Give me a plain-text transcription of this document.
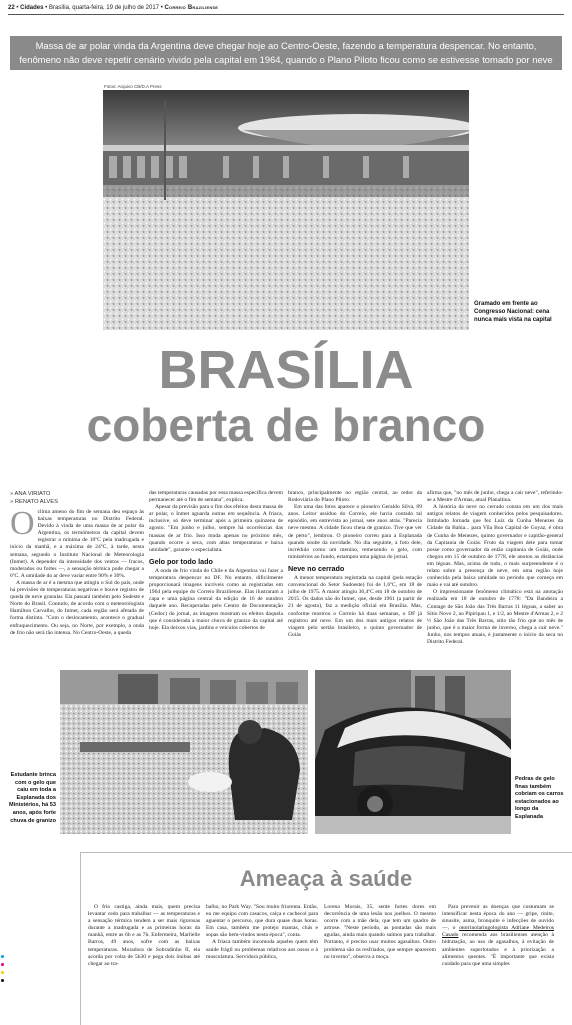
22 • Cidades • Brasília, quarta-feira, 19 de julho de 2017 • Correio Braziliense
Massa de ar polar vinda da Argentina deve chegar hoje ao Centro-Oeste, fazendo a temperatura despencar. No entanto,
fenômeno não deve repetir cenário vivido pela capital em 1964, quando o Plano Piloto ficou como se estivesse tomado por neve
Fotos: Arquivo CB/D.A Press
Gramado em frente ao Congresso Nacional: cena nunca mais vista na capital
BRASÍLIA
coberta de branco
» ANA VIRIATO
» RENATO ALVES
O clima ameno do fim de semana deu espaço às baixas temperaturas no Distrito Federal. Devido à vinda de uma massa de ar polar da Argentina, os termômetros da capital devem registrar a mínima de 10ºC pela madrugada e início da manhã, e a máxima de 24ºC, à tarde, nesta semana, segundo o Instituto Nacional de Meteorologia (Inmet). A depender da intensidade dos ventos — fracos, moderados ou fortes —, a sensação térmica pode chegar a 6ºC. A umidade do ar deve variar entre 90% e 30%.
A massa de ar é a mesma que atingiu o Sul do país, onde há previsões de temperaturas negativas e houve registro de queda de neve granular. Ela passará também pelo Sudeste e Norte do Brasil. Contudo, de acordo com o meteorologista Hamilton Carvalho, do Inmet, cada região será afetada de forma distinta. "Com o deslocamento, acontece o gradual enfraquecimento. Ou seja, no Norte, por exemplo, a onda de frio não será tão intensa. No Centro-Oeste, a queda
das temperaturas causadas por essa massa específica devem permanecer até o fim de semana", explica.
Apesar da previsão para o fim dos efeitos desta massa de ar polar, o Inmet aguarda outras em sequência. A friaca, inclusive, só deve terminar após a primeira quinzena de agosto. "Em junho e julho, sempre há ocorrências das massas de ar frio. Isso muda apenas no próximo mês, quando ocorre a seca, com altas temperaturas e baixa umidade", garante o especialista.
Gelo por todo lado
A onda de frio vinda do Chile e da Argentina vai fazer a temperatura despencar no DF. No entanto, dificilmente proporcionará imagens incríveis como as registradas em 1964 pela equipe do Correio Braziliense. Elas ilustraram a capa e uma página central da edição de 16 de outubro daquele ano. Recuperadas pelo Centro de Documentação (Cedoc) do jornal, as imagens mostram os efeitos daquela que é considerada a maior chuva de granizo da capital até hoje. Ela deixou vias, jardins e veículos cobertos de
branco, principalmente no região central, ao redor da Rodoviária do Plano Piloto.
Em uma das fotos aparece o pioneiro Geraldo Silva, 89 anos. Leitor assíduo do Correio, ele havia contado tal episódio, em entrevista ao jornal, sete anos atrás. "Parecia neve mesmo. A cidade ficou cheia de granizo. Tive que ver de perto", lembrou. O pioneiro correu para a Esplanada quando soube da novidade. No dia seguinte, a foto dele, incrédulo como um menino, remexendo o gelo, com ministérios ao fundo, estampou uma página do jornal.
Neve no cerrado
A menor temperatura registrada na capital (pela estação convencional do Setor Sudoeste) foi de 1,6ºC, em 18 de julho de 1975. A maior atingiu 36,4ºC em 18 de outubro de 2015. Os dados são do Inmet, que, desde 1961 (a partir de 21 de agosto), faz a medição oficial em Brasília. Mas, conforme mostrou o Correio há duas semanas, o DF já registrou até neve. Em um dos mais antigos relatos de viagem pelo sertão brasileiro, o quinto governador de Goiás
afirma que, "no mês de junho, chega a cair neve", referindo-se a Mestre d'Armas, atual Planaltina.
A história da neve no cerrado consta em um dos mais antigos relatos de viagem conhecidos pelos pesquisadores. Intitulado Jornada que fez Luiz da Cunha Menezes da Cidade da Bahia... para Vila Boa Capital de Goyaz, é obra de Cunha de Menezes, quinto governador e capitão-general da Capitania de Goiás. Fruto da viagem dele para tomar posse como governador da então capitania de Goiás, onde chegou em 15 de outubro de 1778, ele anotou as distâncias em léguas. Mas, acima de tudo, o mais surpreendente é o relato sobre a presença de neve, em uma região hoje conhecida pela baixa umidade no período que começa em maio e vai até outubro.
O impressionante fenômeno climático está na anotação realizada em 18 de outubro de 1778: "Da Bandeira a Contage de São João das Três Barras 11 léguas, a saber ao Sítio Novo 2, ao Pipiripau 1, e 1/2, ao Mestre d'Armas 2, e 2 ½ São João das Três Barras, sítio tão frio que no mês de junho, que é a maior forma de inverno, chega a cair neve." Junho, nos tempos atuais, é justamente o início da seca no Distrito Federal.
Estudante brinca com o gelo que caiu em toda a Esplanada dos Ministérios, há 53 anos, após forte chuva de granizo
Pedras de gelo finas também cobriam os carros estacionados ao longo da Esplanada
Ameaça à saúde
O frio castiga, ainda mais, quem precisa levantar cedo para trabalhar — as temperaturas e a sensação térmica tendem a ser mais rigorosas durante a madrugada e as primeiras horas da manhã, entre as 6h e as 7h. Enfermeira, Marlielle Barros, 49 anos, sofre com as baixas temperaturas. Moradora de Sobradinho II, ela acorda por volta de 5h30 e pega dois ônibus até chegar ao tra-
balho, no Park Way. "Sou muito friorenta. Então, eu me equipo com casacos, calça e cachecol para aguentar o percurso, que dura quase duas horas. Em casa, também me protejo mantas, chás e sopas são bem-vindos nesta época", conta.
A friaca também incomoda aqueles quem têm saúde frágil ou problemas relativos aos ossos e à musculatura. Servidora pública,
Lorena Morais, 35, sente fortes dores em decorrência de uma lesão nos joelhos. O mesmo ocorre com a mãe dela, que tem um quadro de artrose. "Neste período, as pontadas são mais agudas, ainda mais quando saímos para trabalhar. Portanto, é preciso usar muitos agasalhos. Outro problema são os resfriados, que sempre aparecem no inverno", observa a moça.
Para prevenir as doenças que costumam se intensificar nesta época do ano — gripe, rinite, sinusite, asma, bronquite e infecções de ouvido —, o otorrinolaringologista Adriane Medeiros Casado recomenda aos brasilienses atenção à hidratação, ao uso de agasalhos, à evitação de ambientes superlotados e à priorização a alimentos quentes. "É importante que exista cuidado para que uma simples
